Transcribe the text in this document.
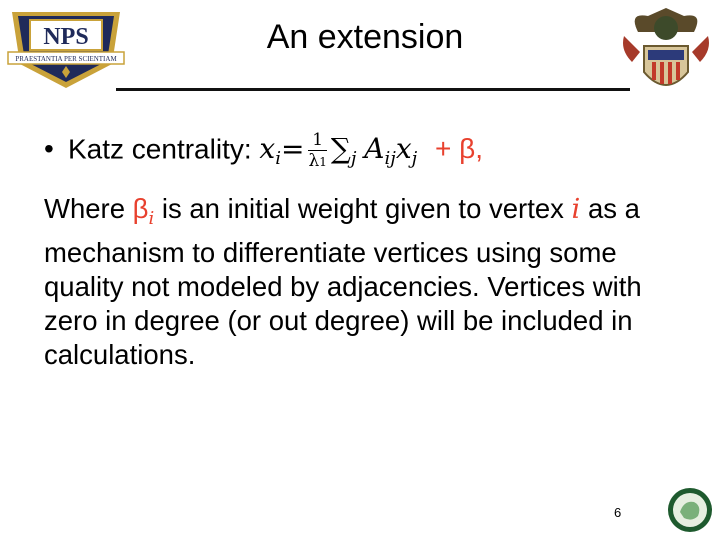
NPS
PRAESTANTIA PER SCIENTIAM
An extension
• Katz centrality: $x_i= \frac{1}{\lambda 1} \sum_j$ $A_{ij}x_j + \beta$,
Where $\beta_i$ is an initial weight given to vertex i as a mechanism to differentiate vertices using some quality not modeled by adjacencies. Vertices with zero in degree (or out degree) will be included in calculations.
6
